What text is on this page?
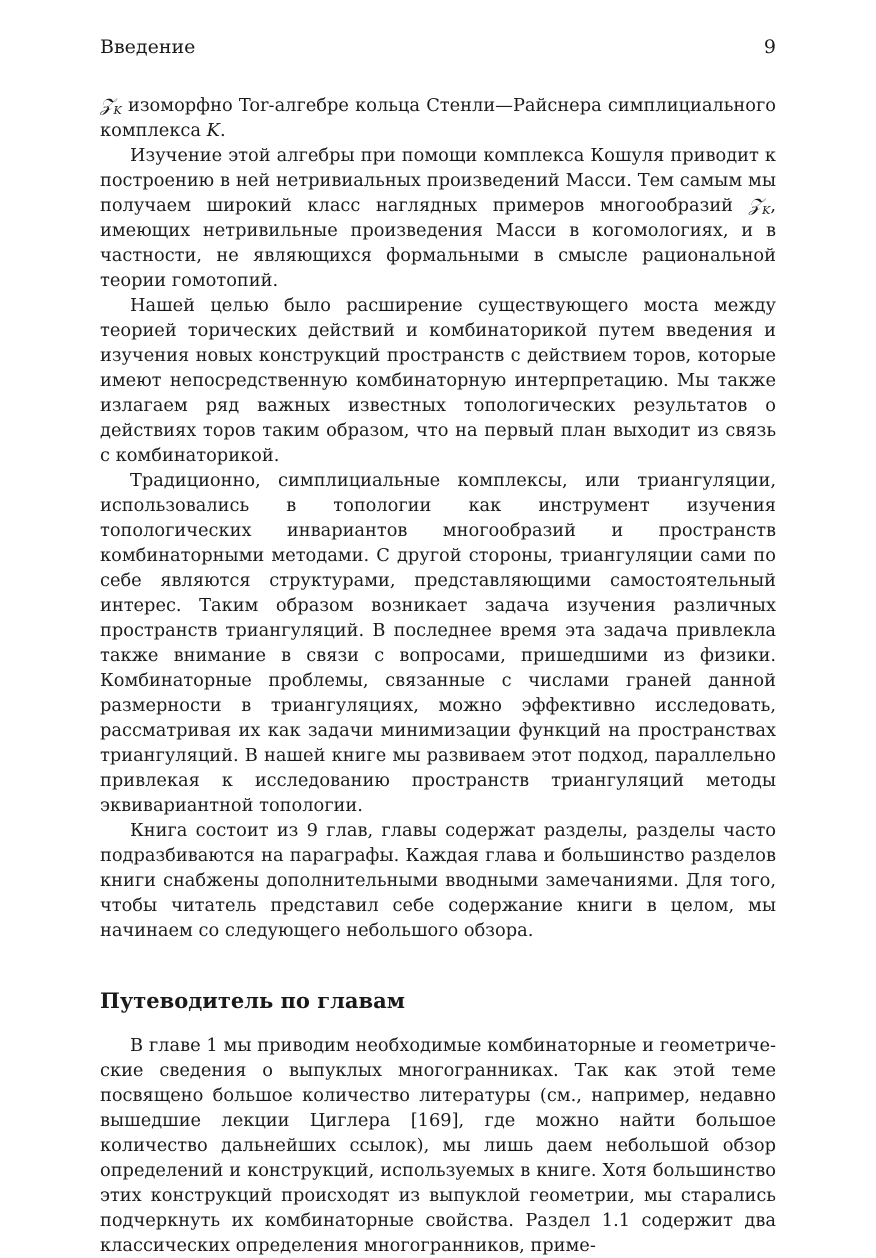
Введение	9

𝒵$_K$ изоморфно Tor-алгебре кольца Стенли—Райснера симплициального комплекса K.

Изучение этой алгебры при помощи комплекса Кошуля приводит к построению в ней нетривиальных произведений Масси. Тем самым мы получаем широкий класс наглядных примеров многообразий 𝒵$_K$, имеющих нетривильные произведения Масси в когомологиях, и в частности, не являющихся формальными в смысле рациональной теории гомотопий.

Нашей целью было расширение существующего моста между теорией торических действий и комбинаторикой путем введения и изучения новых конструкций пространств с действием торов, которые имеют непосредственную комбинаторную интерпретацию. Мы также излагаем ряд важных известных топологических результатов о действиях торов таким образом, что на первый план выходит из связь с комбинаторикой.

Традиционно, симплициальные комплексы, или триангуляции, использовались в топологии как инструмент изучения топологических инвариантов многообразий и пространств комбинаторными методами. С другой стороны, триангуляции сами по себе являются структурами, представляющими самостоятельный интерес. Таким образом возникает задача изучения различных пространств триангуляций. В последнее время эта задача привлекла также внимание в связи с вопросами, пришедшими из физики. Комбинаторные проблемы, связанные с числами граней данной размерности в триангуляциях, можно эффективно исследовать, рассматривая их как задачи минимизации функций на пространствах триангуляций. В нашей книге мы развиваем этот подход, параллельно привлекая к исследованию пространств триангуляций методы эквивариантной топологии.

Книга состоит из 9 глав, главы содержат разделы, разделы часто подразбиваются на параграфы. Каждая глава и большинство разделов книги снабжены дополнительными вводными замечаниями. Для того, чтобы читатель представил себе содержание книги в целом, мы начинаем со следующего небольшого обзора.

Путеводитель по главам

В главе 1 мы приводим необходимые комбинаторные и геометрические сведения о выпуклых многогранниках. Так как этой теме посвящено большое количество литературы (см., например, недавно вышедшие лекции Циглера [169], где можно найти большое количество дальнейших ссылок), мы лишь даем небольшой обзор определений и конструкций, используемых в книге. Хотя большинство этих конструкций происходят из выпуклой геометрии, мы старались подчеркнуть их комбинаторные свойства. Раздел 1.1 содержит два классических определения многогранников, приме-
